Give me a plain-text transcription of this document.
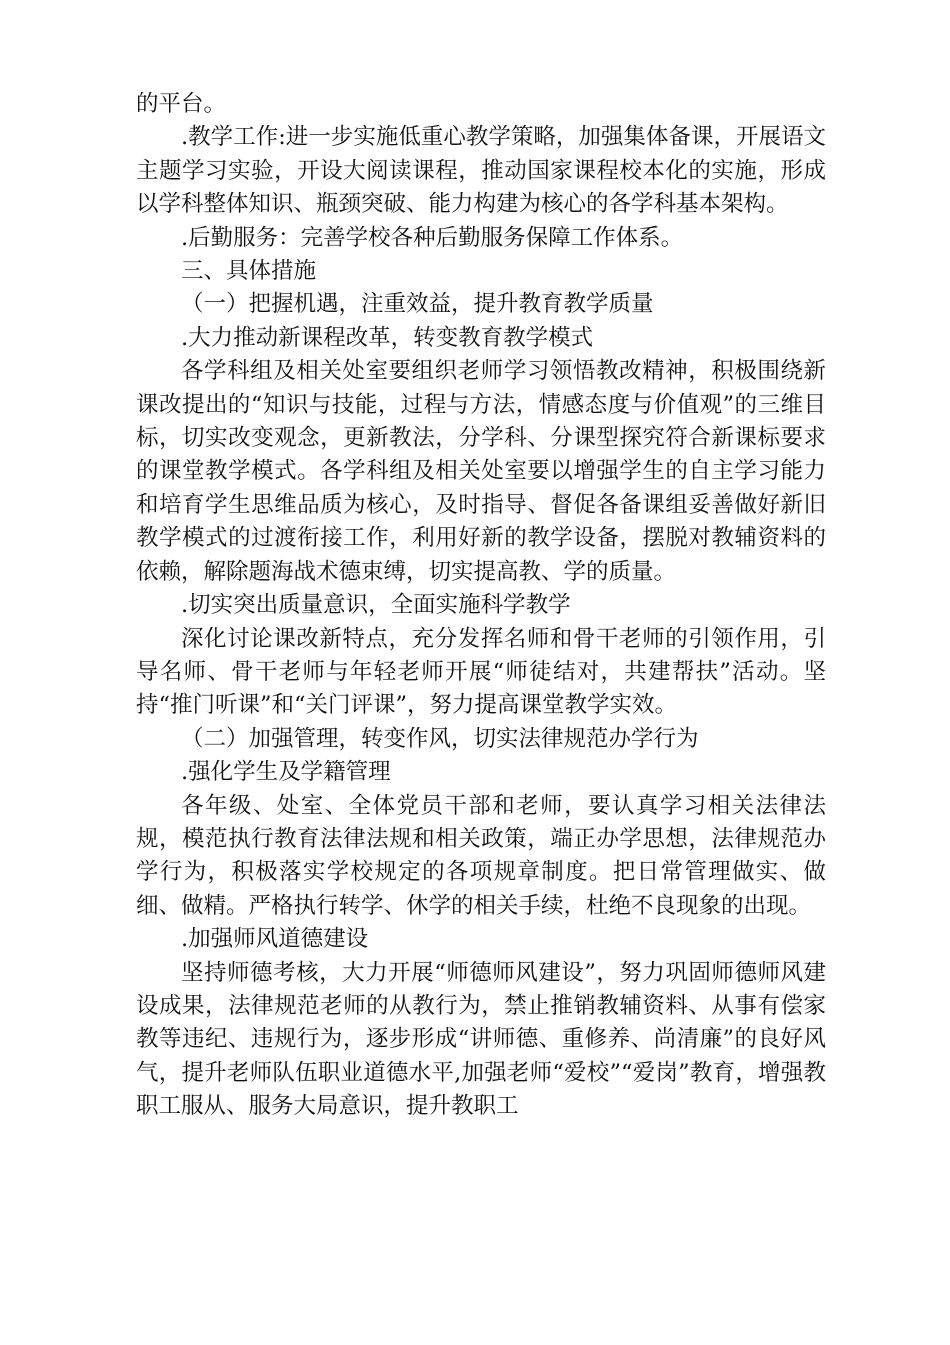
的平台。

.教学工作:进一步实施低重心教学策略，加强集体备课，开展语文主题学习实验，开设大阅读课程，推动国家课程校本化的实施，形成以学科整体知识、瓶颈突破、能力构建为核心的各学科基本架构。

.后勤服务：完善学校各种后勤服务保障工作体系。

三、具体措施

（一）把握机遇，注重效益，提升教育教学质量

.大力推动新课程改革，转变教育教学模式

各学科组及相关处室要组织老师学习领悟教改精神，积极围绕新课改提出的“知识与技能，过程与方法，情感态度与价值观”的三维目标，切实改变观念，更新教法，分学科、分课型探究符合新课标要求的课堂教学模式。各学科组及相关处室要以增强学生的自主学习能力和培育学生思维品质为核心，及时指导、督促各备课组妥善做好新旧教学模式的过渡衔接工作，利用好新的教学设备，摆脱对教辅资料的依赖，解除题海战术德束缚，切实提高教、学的质量。

.切实突出质量意识，全面实施科学教学

深化讨论课改新特点，充分发挥名师和骨干老师的引领作用，引导名师、骨干老师与年轻老师开展“师徒结对，共建帮扶”活动。坚持“推门听课”和“关门评课”，努力提高课堂教学实效。

（二）加强管理，转变作风，切实法律规范办学行为

.强化学生及学籍管理

各年级、处室、全体党员干部和老师，要认真学习相关法律法规，模范执行教育法律法规和相关政策，端正办学思想，法律规范办学行为，积极落实学校规定的各项规章制度。把日常管理做实、做细、做精。严格执行转学、休学的相关手续，杜绝不良现象的出现。

.加强师风道德建设

坚持师德考核，大力开展“师德师风建设”，努力巩固师德师风建设成果，法律规范老师的从教行为，禁止推销教辅资料、从事有偿家教等违纪、违规行为，逐步形成“讲师德、重修养、尚清廉”的良好风气，提升老师队伍职业道德水平,加强老师“爱校”“爱岗”教育，增强教职工服从、服务大局意识，提升教职工
